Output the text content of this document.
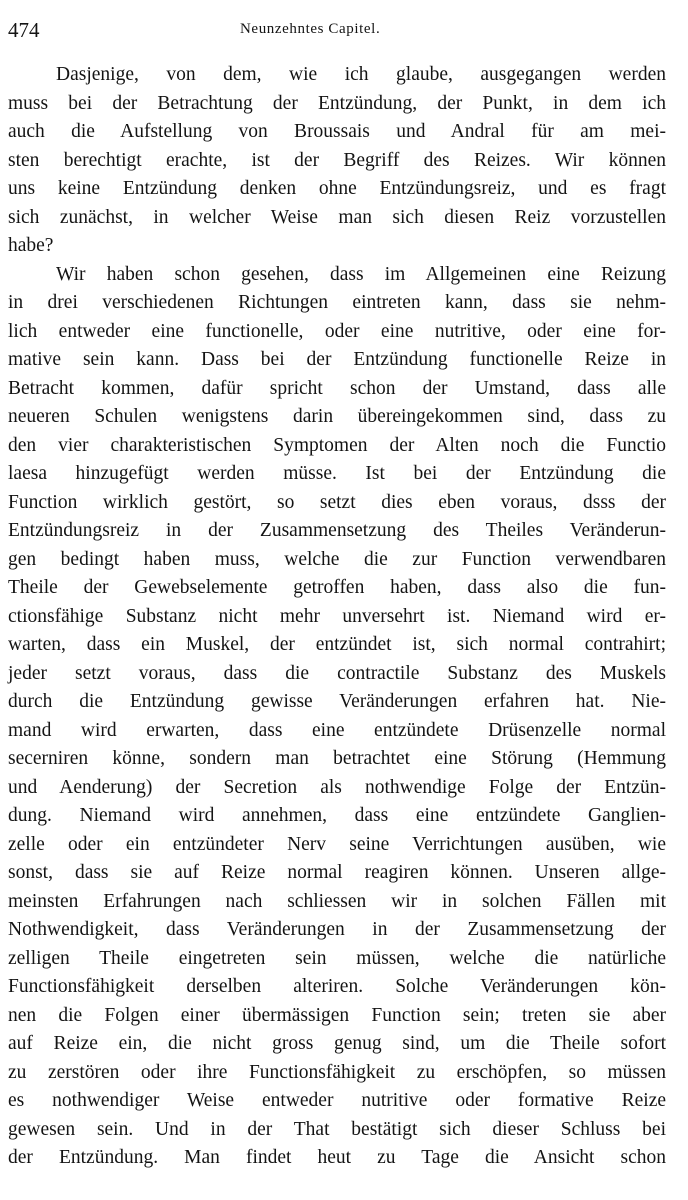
474	Neunzehntes Capitel.
Dasjenige, von dem, wie ich glaube, ausgegangen werden
muss bei der Betrachtung der Entzündung, der Punkt, in dem ich
auch die Aufstellung von Broussais und Andral für am mei-
sten berechtigt erachte, ist der Begriff des Reizes. Wir können
uns keine Entzündung denken ohne Entzündungsreiz, und es fragt
sich zunächst, in welcher Weise man sich diesen Reiz vorzustellen
habe?
Wir haben schon gesehen, dass im Allgemeinen eine Reizung
in drei verschiedenen Richtungen eintreten kann, dass sie nehm-
lich entweder eine functionelle, oder eine nutritive, oder eine for-
mative sein kann. Dass bei der Entzündung functionelle Reize in
Betracht kommen, dafür spricht schon der Umstand, dass alle
neueren Schulen wenigstens darin übereingekommen sind, dass zu
den vier charakteristischen Symptomen der Alten noch die Functio
laesa hinzugefügt werden müsse. Ist bei der Entzündung die
Function wirklich gestört, so setzt dies eben voraus, dsss der
Entzündungsreiz in der Zusammensetzung des Theiles Veränderun-
gen bedingt haben muss, welche die zur Function verwendbaren
Theile der Gewebselemente getroffen haben, dass also die fun-
ctionsfähige Substanz nicht mehr unversehrt ist. Niemand wird er-
warten, dass ein Muskel, der entzündet ist, sich normal contrahirt;
jeder setzt voraus, dass die contractile Substanz des Muskels
durch die Entzündung gewisse Veränderungen erfahren hat. Nie-
mand wird erwarten, dass eine entzündete Drüsenzelle normal
secerniren könne, sondern man betrachtet eine Störung (Hemmung
und Aenderung) der Secretion als nothwendige Folge der Entzün-
dung. Niemand wird annehmen, dass eine entzündete Ganglien-
zelle oder ein entzündeter Nerv seine Verrichtungen ausüben, wie
sonst, dass sie auf Reize normal reagiren können. Unseren allge-
meinsten Erfahrungen nach schliessen wir in solchen Fällen mit
Nothwendigkeit, dass Veränderungen in der Zusammensetzung der
zelligen Theile eingetreten sein müssen, welche die natürliche
Functionsfähigkeit derselben alteriren. Solche Veränderungen kön-
nen die Folgen einer übermässigen Function sein; treten sie aber
auf Reize ein, die nicht gross genug sind, um die Theile sofort
zu zerstören oder ihre Functionsfähigkeit zu erschöpfen, so müssen
es nothwendiger Weise entweder nutritive oder formative Reize
gewesen sein. Und in der That bestätigt sich dieser Schluss bei
der Entzündung. Man findet heut zu Tage die Ansicht schon
